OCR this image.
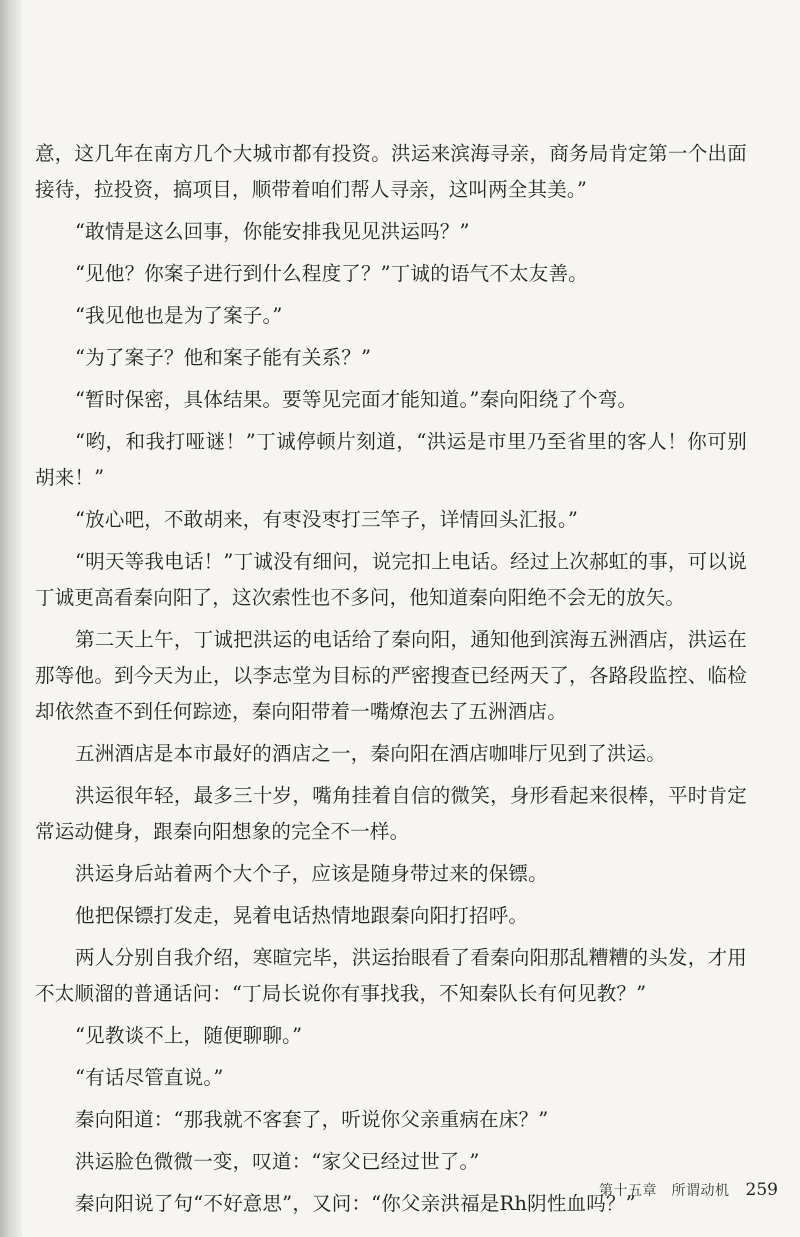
意，这几年在南方几个大城市都有投资。洪运来滨海寻亲，商务局肯定第一个出面接待，拉投资，搞项目，顺带着咱们帮人寻亲，这叫两全其美。”

“敢情是这么回事，你能安排我见见洪运吗？”

“见他？你案子进行到什么程度了？”丁诚的语气不太友善。

“我见他也是为了案子。”

“为了案子？他和案子能有关系？”

“暂时保密，具体结果。要等见完面才能知道。”秦向阳绕了个弯。

“哟，和我打哑谜！”丁诚停顿片刻道，“洪运是市里乃至省里的客人！你可别胡来！”

“放心吧，不敢胡来，有枣没枣打三竿子，详情回头汇报。”

“明天等我电话！”丁诚没有细问，说完扣上电话。经过上次郝虹的事，可以说丁诚更高看秦向阳了，这次索性也不多问，他知道秦向阳绝不会无的放矢。

第二天上午，丁诚把洪运的电话给了秦向阳，通知他到滨海五洲酒店，洪运在那等他。到今天为止，以李志堂为目标的严密搜查已经两天了，各路段监控、临检却依然查不到任何踪迹，秦向阳带着一嘴燎泡去了五洲酒店。

五洲酒店是本市最好的酒店之一，秦向阳在酒店咖啡厅见到了洪运。

洪运很年轻，最多三十岁，嘴角挂着自信的微笑，身形看起来很棒，平时肯定常运动健身，跟秦向阳想象的完全不一样。

洪运身后站着两个大个子，应该是随身带过来的保镖。

他把保镖打发走，晃着电话热情地跟秦向阳打招呼。

两人分别自我介绍，寒暄完毕，洪运抬眼看了看秦向阳那乱糟糟的头发，才用不太顺溜的普通话问：“丁局长说你有事找我，不知秦队长有何见教？”

“见教谈不上，随便聊聊。”

“有话尽管直说。”

秦向阳道：“那我就不客套了，听说你父亲重病在床？”

洪运脸色微微一变，叹道：“家父已经过世了。”

秦向阳说了句“不好意思”，又问：“你父亲洪福是Rh阴性血吗？”

第十五章　所谓动机 259
